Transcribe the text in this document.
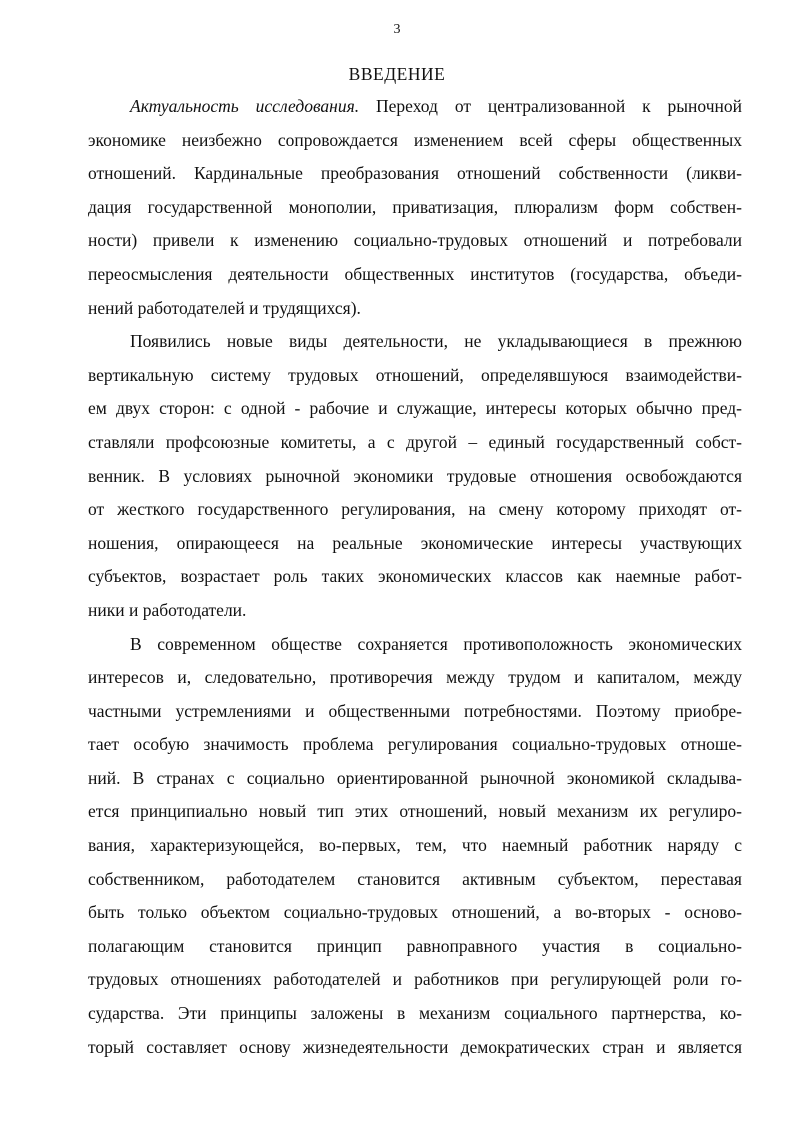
3
ВВЕДЕНИЕ
Актуальность исследования. Переход от централизованной к рыночной
экономике неизбежно сопровождается изменением всей сферы общественных
отношений. Кардинальные преобразования отношений собственности (ликви-
дация государственной монополии, приватизация, плюрализм форм собствен-
ности) привели к изменению социально-трудовых отношений и потребовали
переосмысления деятельности общественных институтов (государства, объеди-
нений работодателей и трудящихся).
Появились новые виды деятельности, не укладывающиеся в прежнюю
вертикальную систему трудовых отношений, определявшуюся взаимодействи-
ем двух сторон: с одной - рабочие и служащие, интересы которых обычно пред-
ставляли профсоюзные комитеты, а с другой – единый государственный собст-
венник. В условиях рыночной экономики трудовые отношения освобождаются
от жесткого государственного регулирования, на смену которому приходят от-
ношения, опирающееся на реальные экономические интересы участвующих
субъектов, возрастает роль таких экономических классов как наемные работ-
ники и работодатели.
В современном обществе сохраняется противоположность экономических
интересов и, следовательно, противоречия между трудом и капиталом, между
частными устремлениями и общественными потребностями. Поэтому приобре-
тает особую значимость проблема регулирования социально-трудовых отноше-
ний. В странах с социально ориентированной рыночной экономикой складыва-
ется принципиально новый тип этих отношений, новый механизм их регулиро-
вания, характеризующейся, во-первых, тем, что наемный работник наряду с
собственником, работодателем становится активным субъектом, переставая
быть только объектом социально-трудовых отношений, а во-вторых - осново-
полагающим становится принцип равноправного участия в социально-
трудовых отношениях работодателей и работников при регулирующей роли го-
сударства. Эти принципы заложены в механизм социального партнерства, ко-
торый составляет основу жизнедеятельности демократических стран и является
